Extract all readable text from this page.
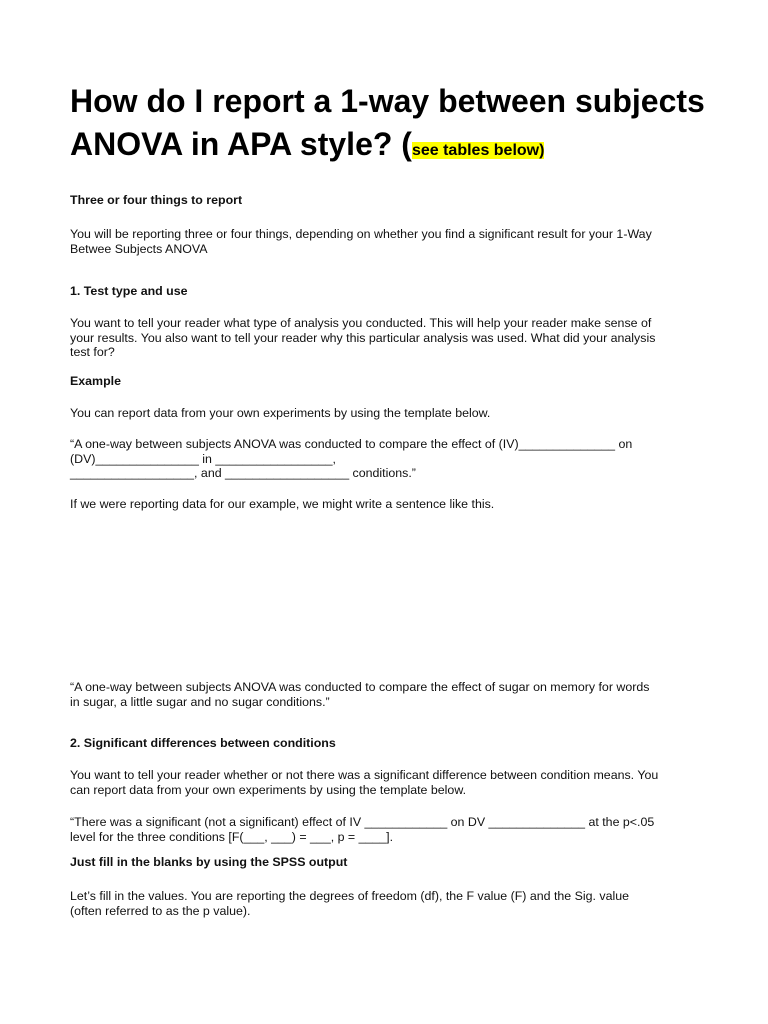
How do I report a 1-way between subjects ANOVA in APA style? (see tables below)

Three or four things to report

You will be reporting three or four things, depending on whether you find a significant result for your 1-Way
Betwee Subjects ANOVA

1. Test type and use

You want to tell your reader what type of analysis you conducted. This will help your reader make sense of
your results. You also want to tell your reader why this particular analysis was used. What did your analysis
test for?

Example

You can report data from your own experiments by using the template below.

“A one-way between subjects ANOVA was conducted to compare the effect of (IV)______________ on
(DV)_______________ in _________________,
__________________, and __________________ conditions.”

If we were reporting data for our example, we might write a sentence like this.

“A one-way between subjects ANOVA was conducted to compare the effect of sugar on memory for words
in sugar, a little sugar and no sugar conditions.”

2. Significant differences between conditions

You want to tell your reader whether or not there was a significant difference between condition means. You
can report data from your own experiments by using the template below.

“There was a significant (not a significant) effect of IV ____________ on DV ______________ at the p<.05
level for the three conditions [F(___, ___) = ___, p = ____].

Just fill in the blanks by using the SPSS output

Let’s fill in the values. You are reporting the degrees of freedom (df), the F value (F) and the Sig. value
(often referred to as the p value).
